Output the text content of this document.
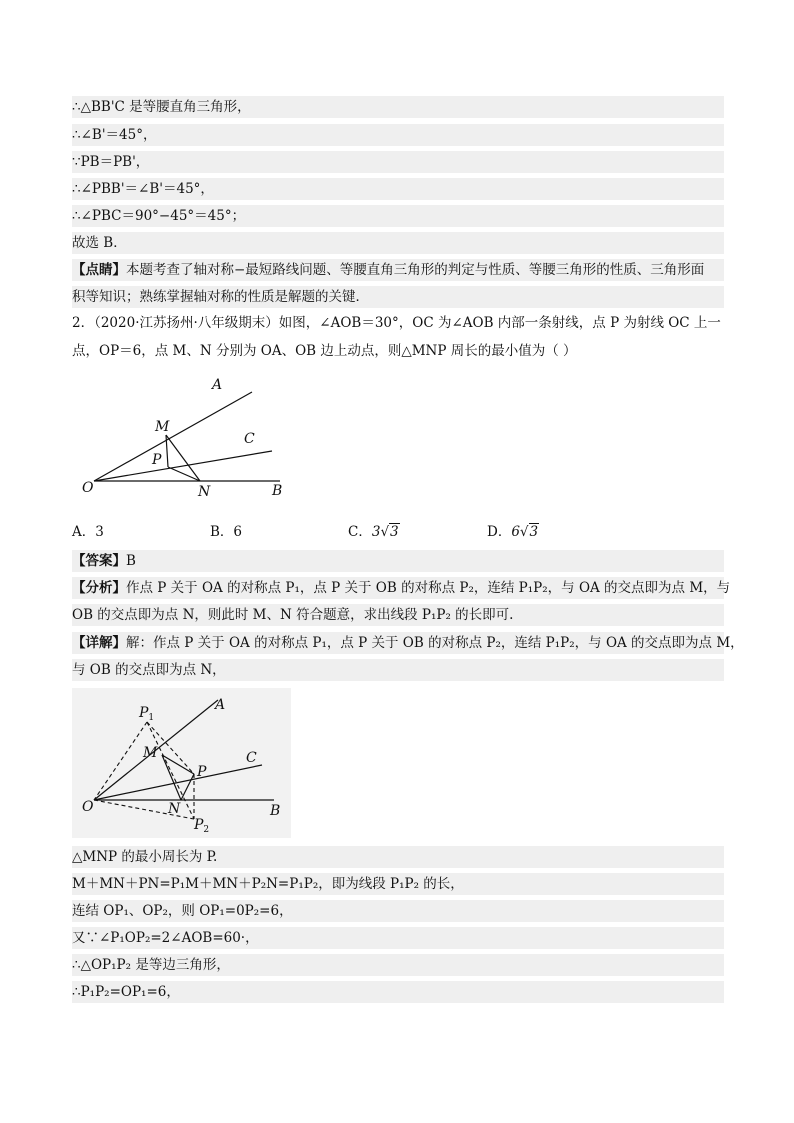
∴△BB'C 是等腰直角三角形，
∴∠B'＝45°，
∵PB＝PB'，
∴∠PBB'＝∠B'＝45°，
∴∠PBC＝90°−45°＝45°；
故选 B．
【点睛】本题考查了轴对称−最短路线问题、等腰直角三角形的判定与性质、等腰三角形的性质、三角形面
积等知识；熟练掌握轴对称的性质是解题的关键．
2．（2020·江苏扬州·八年级期末）如图，∠AOB＝30°，OC 为∠AOB 内部一条射线，点 P 为射线 OC 上一
点，OP＝6，点 M、N 分别为 OA、OB 边上动点，则△MNP 周长的最小值为（ ）
A
B
C
M
N
O
P
A．3	B．6	C．3√3	D．6√3
【答案】B
【分析】作点 P 关于 OA 的对称点 P₁，点 P 关于 OB 的对称点 P₂，连结 P₁P₂，与 OA 的交点即为点 M，与
OB 的交点即为点 N，则此时 M、N 符合题意，求出线段 P₁P₂ 的长即可.
【详解】解：作点 P 关于 OA 的对称点 P₁，点 P 关于 OB 的对称点 P₂，连结 P₁P₂，与 OA 的交点即为点 M，
与 OB 的交点即为点 N，
A
B
C
M
N
O
P
$P_1$
$P_2$
△MNP 的最小周长为 P.
M＋MN＋PN=P₁M＋MN＋P₂N=P₁P₂，即为线段 P₁P₂ 的长，
连结 OP₁、OP₂，则 OP₁=0P₂=6，
又∵∠P₁OP₂=2∠AOB=60·，
∴△OP₁P₂ 是等边三角形，
∴P₁P₂=OP₁=6，
